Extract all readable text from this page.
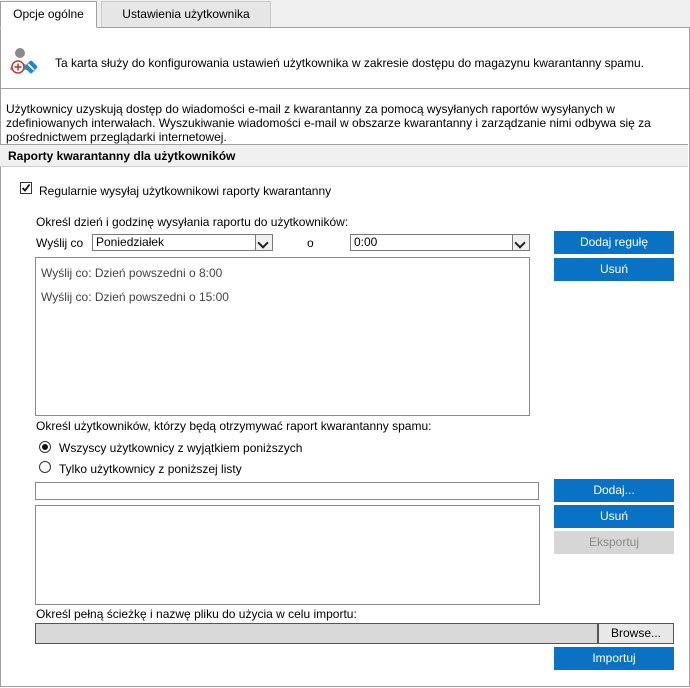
Opcje ogólne	Ustawienia użytkownika
Ta karta służy do konfigurowania ustawień użytkownika w zakresie dostępu do magazynu kwarantanny spamu.
Użytkownicy uzyskują dostęp do wiadomości e-mail z kwarantanny za pomocą wysyłanych raportów wysyłanych w
zdefiniowanych interwałach. Wyszukiwanie wiadomości e-mail w obszarze kwarantanny i zarządzanie nimi odbywa się za
pośrednictwem przeglądarki internetowej.
Raporty kwarantanny dla użytkowników
Regularnie wysyłaj użytkownikowi raporty kwarantanny
Określ dzień i godzinę wysyłania raportu do użytkowników:
Wyślij co	Poniedziałek	o	0:00	Dodaj regułę
Usuń
Wyślij co: Dzień powszedni o 8:00
Wyślij co: Dzień powszedni o 15:00
Określ użytkowników, którzy będą otrzymywać raport kwarantanny spamu:
Wszyscy użytkownicy z wyjątkiem poniższych
Tylko użytkownicy z poniższej listy
Dodaj...
Usuń
Eksportuj
Określ pełną ścieżkę i nazwę pliku do użycia w celu importu:
Browse...
Importuj
